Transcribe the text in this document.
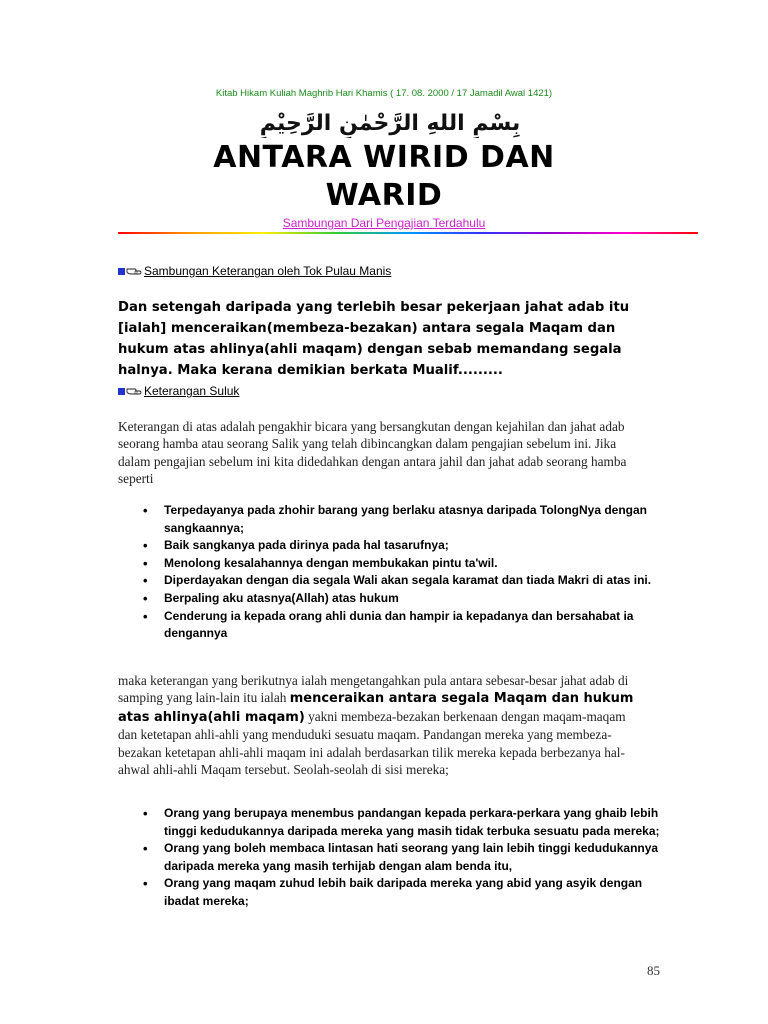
Kitab Hikam Kuliah Maghrib Hari Khamis ( 17. 08. 2000 / 17 Jamadil Awal 1421)
بِسْمِ اللهِ الرَّحْمٰنِ الرَّحِيْمِ
ANTARA WIRID DAN
WARID
Sambungan Dari Pengajian Terdahulu
Sambungan Keterangan oleh Tok Pulau Manis
Dan setengah daripada yang terlebih besar pekerjaan jahat adab itu [ialah] menceraikan(membeza-bezakan) antara segala Maqam dan hukum atas ahlinya(ahli maqam) dengan sebab memandang segala halnya. Maka kerana demikian berkata Mualif.........
Keterangan Suluk
Keterangan di atas adalah pengakhir bicara yang bersangkutan dengan kejahilan dan jahat adab seorang hamba atau seorang Salik yang telah dibincangkan dalam pengajian sebelum ini. Jika dalam pengajian sebelum ini kita didedahkan dengan antara jahil dan jahat adab seorang hamba seperti
• Terpedayanya pada zhohir barang yang berlaku atasnya daripada TolongNya dengan sangkaannya;
• Baik sangkanya pada dirinya pada hal tasarufnya;
• Menolong kesalahannya dengan membukakan pintu ta'wil.
• Diperdayakan dengan dia segala Wali akan segala karamat dan tiada Makri di atas ini.
• Berpaling aku atasnya(Allah) atas hukum
• Cenderung ia kepada orang ahli dunia dan hampir ia kepadanya dan bersahabat ia dengannya
maka keterangan yang berikutnya ialah mengetangahkan pula antara sebesar-besar jahat adab di samping yang lain-lain itu ialah menceraikan antara segala Maqam dan hukum atas ahlinya(ahli maqam) yakni membeza-bezakan berkenaan dengan maqam-maqam dan ketetapan ahli-ahli yang menduduki sesuatu maqam. Pandangan mereka yang membeza-bezakan ketetapan ahli-ahli maqam ini adalah berdasarkan tilik mereka kepada berbezanya hal-ahwal ahli-ahli Maqam tersebut. Seolah-seolah di sisi mereka;
• Orang yang berupaya menembus pandangan kepada perkara-perkara yang ghaib lebih tinggi kedudukannya daripada mereka yang masih tidak terbuka sesuatu pada mereka;
• Orang yang boleh membaca lintasan hati seorang yang lain lebih tinggi kedudukannya daripada mereka yang masih terhijab dengan alam benda itu,
• Orang yang maqam zuhud lebih baik daripada mereka yang abid yang asyik dengan ibadat mereka;
85
